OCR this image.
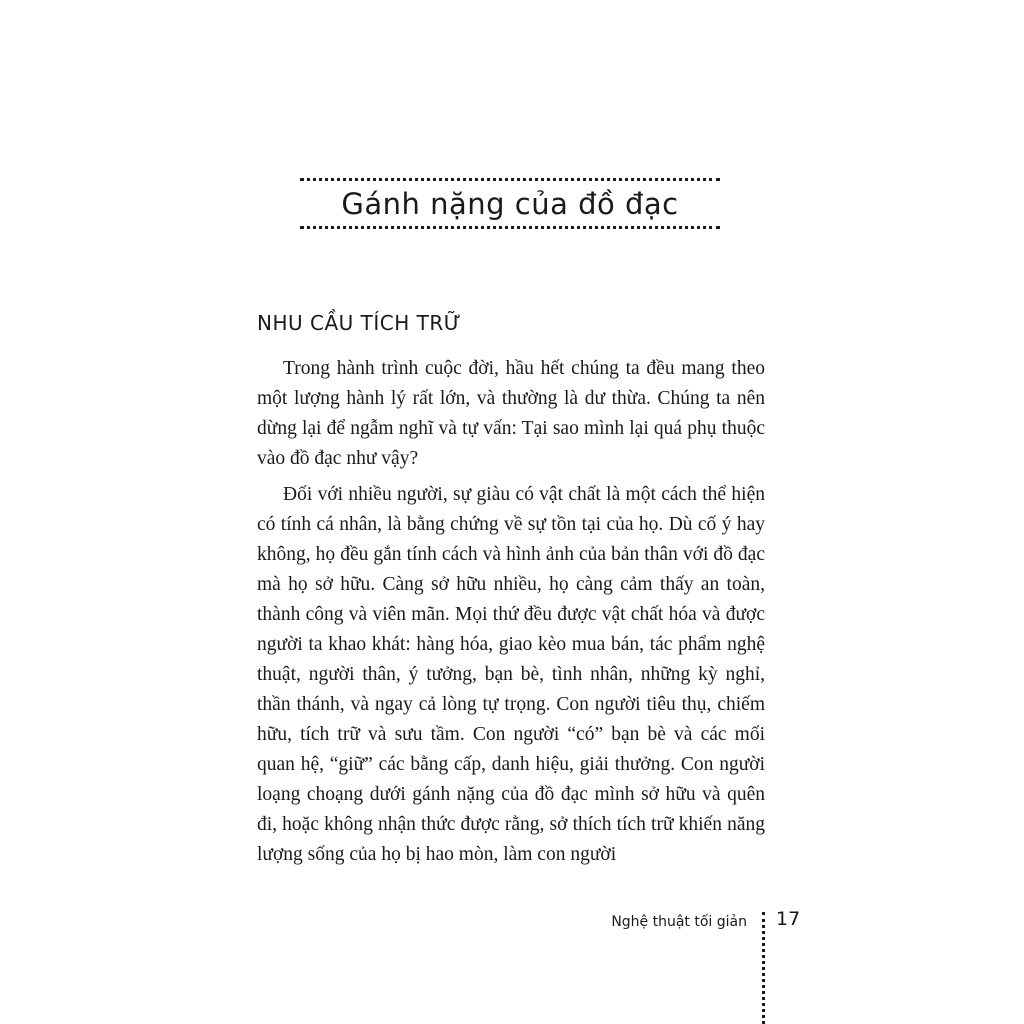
Gánh nặng của đồ đạc
NHU CẦU TÍCH TRỮ

Trong hành trình cuộc đời, hầu hết chúng ta đều mang theo một lượng hành lý rất lớn, và thường là dư thừa. Chúng ta nên dừng lại để ngẫm nghĩ và tự vấn: Tại sao mình lại quá phụ thuộc vào đồ đạc như vậy?

Đối với nhiều người, sự giàu có vật chất là một cách thể hiện có tính cá nhân, là bằng chứng về sự tồn tại của họ. Dù cố ý hay không, họ đều gắn tính cách và hình ảnh của bản thân với đồ đạc mà họ sở hữu. Càng sở hữu nhiều, họ càng cảm thấy an toàn, thành công và viên mãn. Mọi thứ đều được vật chất hóa và được người ta khao khát: hàng hóa, giao kèo mua bán, tác phẩm nghệ thuật, người thân, ý tưởng, bạn bè, tình nhân, những kỳ nghỉ, thần thánh, và ngay cả lòng tự trọng. Con người tiêu thụ, chiếm hữu, tích trữ và sưu tầm. Con người “có” bạn bè và các mối quan hệ, “giữ” các bằng cấp, danh hiệu, giải thưởng. Con người loạng choạng dưới gánh nặng của đồ đạc mình sở hữu và quên đi, hoặc không nhận thức được rằng, sở thích tích trữ khiến năng lượng sống của họ bị hao mòn, làm con người

Nghệ thuật tối giản 17
